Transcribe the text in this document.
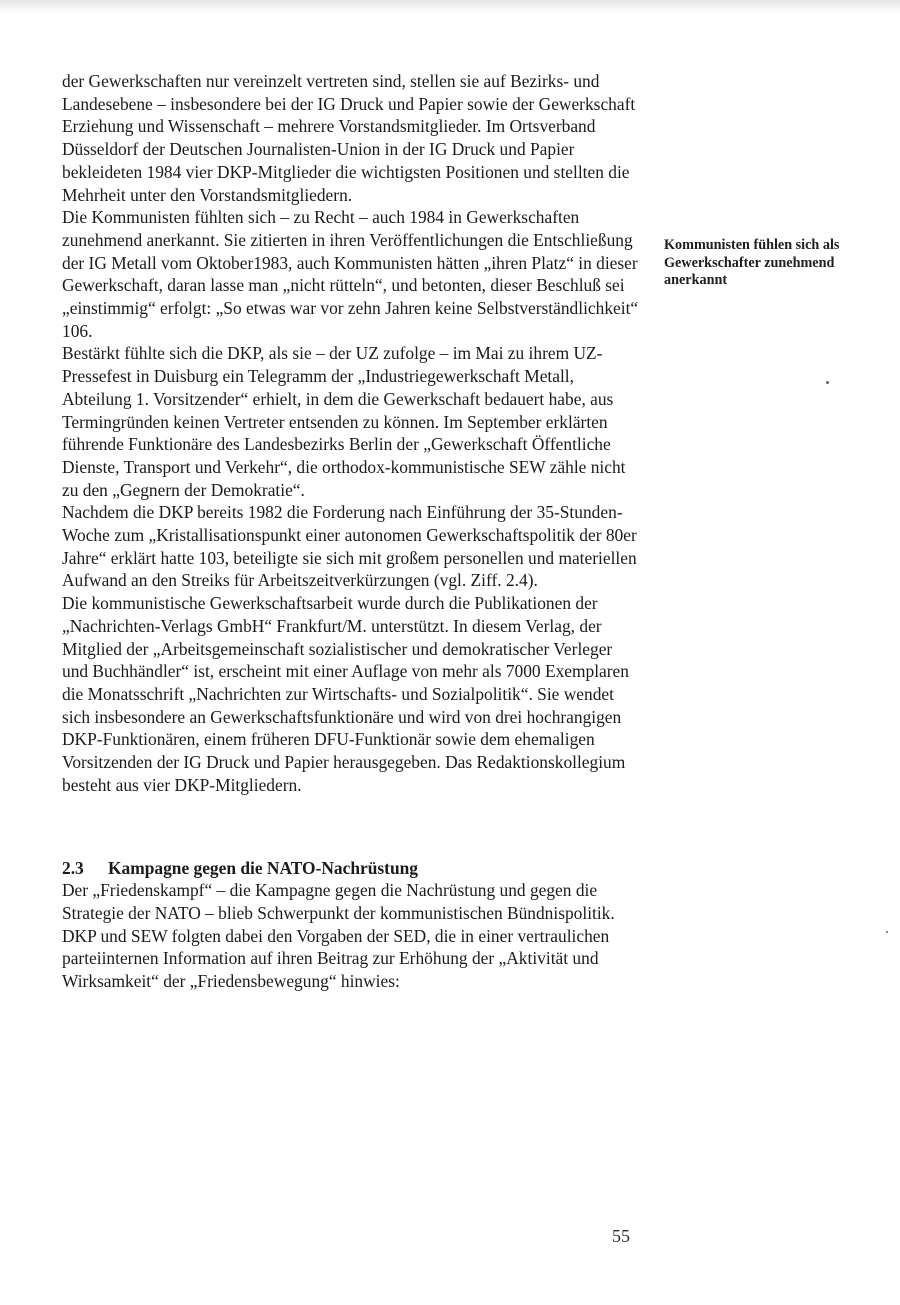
der Gewerkschaften nur vereinzelt vertreten sind, stellen sie auf Bezirks- und Landesebene – insbesondere bei der IG Druck und Papier sowie der Gewerkschaft Erziehung und Wissenschaft – mehrere Vorstandsmitglieder. Im Ortsverband Düsseldorf der Deutschen Journalisten-Union in der IG Druck und Papier bekleideten 1984 vier DKP-Mitglieder die wichtigsten Positionen und stellten die Mehrheit unter den Vorstandsmitgliedern.

Die Kommunisten fühlten sich – zu Recht – auch 1984 in Gewerkschaften zunehmend anerkannt. Sie zitierten in ihren Veröffentlichungen die Entschließung der IG Metall vom Oktober1983, auch Kommunisten hätten „ihren Platz“ in dieser Gewerkschaft, daran lasse man „nicht rütteln“, und betonten, dieser Beschluß sei „einstimmig“ erfolgt: „So etwas war vor zehn Jahren keine Selbstverständlichkeit“ 106.

Bestärkt fühlte sich die DKP, als sie – der UZ zufolge – im Mai zu ihrem UZ-Pressefest in Duisburg ein Telegramm der „Industriegewerkschaft Metall, Abteilung 1. Vorsitzender“ erhielt, in dem die Gewerkschaft bedauert habe, aus Termingründen keinen Vertreter entsenden zu können. Im September erklärten führende Funktionäre des Landesbezirks Berlin der „Gewerkschaft Öffentliche Dienste, Transport und Verkehr“, die orthodox-kommunistische SEW zähle nicht zu den „Gegnern der Demokratie“.

Nachdem die DKP bereits 1982 die Forderung nach Einführung der 35-Stunden-Woche zum „Kristallisationspunkt einer autonomen Gewerkschaftspolitik der 80er Jahre“ erklärt hatte 103, beteiligte sie sich mit großem personellen und materiellen Aufwand an den Streiks für Arbeitszeitverkürzungen (vgl. Ziff. 2.4).

Die kommunistische Gewerkschaftsarbeit wurde durch die Publikationen der „Nachrichten-Verlags GmbH“ Frankfurt/M. unterstützt. In diesem Verlag, der Mitglied der „Arbeitsgemeinschaft sozialistischer und demokratischer Verleger und Buchhändler“ ist, erscheint mit einer Auflage von mehr als 7000 Exemplaren die Monatsschrift „Nachrichten zur Wirtschafts- und Sozialpolitik“. Sie wendet sich insbesondere an Gewerkschaftsfunktionäre und wird von drei hochrangigen DKP-Funktionären, einem früheren DFU-Funktionär sowie dem ehemaligen Vorsitzenden der IG Druck und Papier herausgegeben. Das Redaktionskollegium besteht aus vier DKP-Mitgliedern.

2.3 Kampagne gegen die NATO-Nachrüstung

Der „Friedenskampf“ – die Kampagne gegen die Nachrüstung und gegen die Strategie der NATO – blieb Schwerpunkt der kommunistischen Bündnispolitik.

DKP und SEW folgten dabei den Vorgaben der SED, die in einer vertraulichen parteiinternen Information auf ihren Beitrag zur Erhöhung der „Aktivität und Wirksamkeit“ der „Friedensbewegung“ hinwies:

Kommunisten fühlen sich als Gewerkschafter zunehmend anerkannt
55
